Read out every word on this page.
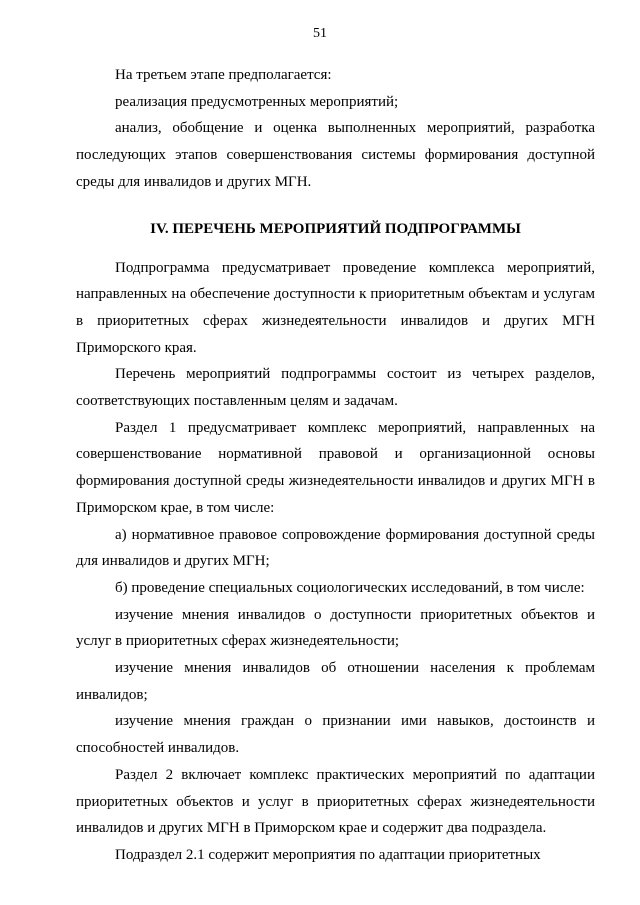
51

На третьем этапе предполагается:

реализация предусмотренных мероприятий;

анализ, обобщение и оценка выполненных мероприятий, разработка последующих этапов совершенствования системы формирования доступной среды для инвалидов и других МГН.

IV. ПЕРЕЧЕНЬ МЕРОПРИЯТИЙ ПОДПРОГРАММЫ

Подпрограмма предусматривает проведение комплекса мероприятий, направленных на обеспечение доступности к приоритетным объектам и услугам в приоритетных сферах жизнедеятельности инвалидов и других МГН Приморского края.

Перечень мероприятий подпрограммы состоит из четырех разделов, соответствующих поставленным целям и задачам.

Раздел 1 предусматривает комплекс мероприятий, направленных на совершенствование нормативной правовой и организационной основы формирования доступной среды жизнедеятельности инвалидов и других МГН в Приморском крае, в том числе:

а) нормативное правовое сопровождение формирования доступной среды для инвалидов и других МГН;

б) проведение специальных социологических исследований, в том числе:

изучение мнения инвалидов о доступности приоритетных объектов и услуг в приоритетных сферах жизнедеятельности;

изучение мнения инвалидов об отношении населения к проблемам инвалидов;

изучение мнения граждан о признании ими навыков, достоинств и способностей инвалидов.

Раздел 2 включает комплекс практических мероприятий по адаптации приоритетных объектов и услуг в приоритетных сферах жизнедеятельности инвалидов и других МГН в Приморском крае и содержит два подраздела.

Подраздел 2.1 содержит мероприятия по адаптации приоритетных
